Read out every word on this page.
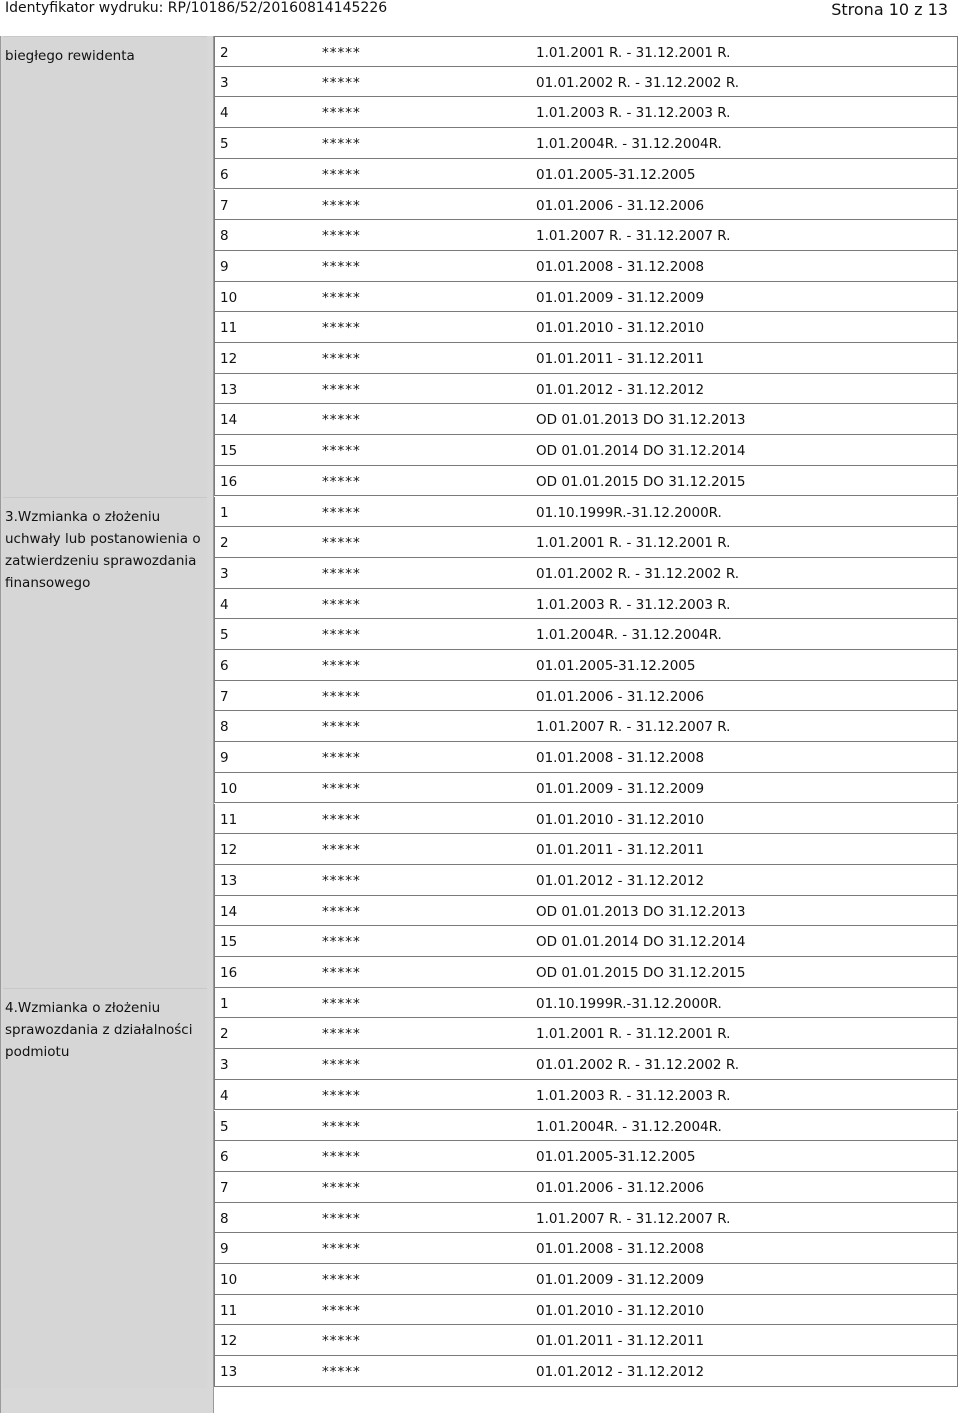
Identyfikator wydruku: RP/10186/52/20160814145226	Strona 10 z 13
biegłego rewidenta	2	*****	1.01.2001 R. - 31.12.2001 R.
3	*****	01.01.2002 R. - 31.12.2002 R.
4	*****	1.01.2003 R. - 31.12.2003 R.
5	*****	1.01.2004R. - 31.12.2004R.
6	*****	01.01.2005-31.12.2005
7	*****	01.01.2006 - 31.12.2006
8	*****	1.01.2007 R. - 31.12.2007 R.
9	*****	01.01.2008 - 31.12.2008
10	*****	01.01.2009 - 31.12.2009
11	*****	01.01.2010 - 31.12.2010
12	*****	01.01.2011 - 31.12.2011
13	*****	01.01.2012 - 31.12.2012
14	*****	OD 01.01.2013 DO 31.12.2013
15	*****	OD 01.01.2014 DO 31.12.2014
16	*****	OD 01.01.2015 DO 31.12.2015
3.Wzmianka o złożeniu uchwały lub postanowienia o zatwierdzeniu sprawozdania finansowego
1	*****	01.10.1999R.-31.12.2000R.
2	*****	1.01.2001 R. - 31.12.2001 R.
3	*****	01.01.2002 R. - 31.12.2002 R.
4	*****	1.01.2003 R. - 31.12.2003 R.
5	*****	1.01.2004R. - 31.12.2004R.
6	*****	01.01.2005-31.12.2005
7	*****	01.01.2006 - 31.12.2006
8	*****	1.01.2007 R. - 31.12.2007 R.
9	*****	01.01.2008 - 31.12.2008
10	*****	01.01.2009 - 31.12.2009
11	*****	01.01.2010 - 31.12.2010
12	*****	01.01.2011 - 31.12.2011
13	*****	01.01.2012 - 31.12.2012
14	*****	OD 01.01.2013 DO 31.12.2013
15	*****	OD 01.01.2014 DO 31.12.2014
16	*****	OD 01.01.2015 DO 31.12.2015
4.Wzmianka o złożeniu sprawozdania z działalności podmiotu
1	*****	01.10.1999R.-31.12.2000R.
2	*****	1.01.2001 R. - 31.12.2001 R.
3	*****	01.01.2002 R. - 31.12.2002 R.
4	*****	1.01.2003 R. - 31.12.2003 R.
5	*****	1.01.2004R. - 31.12.2004R.
6	*****	01.01.2005-31.12.2005
7	*****	01.01.2006 - 31.12.2006
8	*****	1.01.2007 R. - 31.12.2007 R.
9	*****	01.01.2008 - 31.12.2008
10	*****	01.01.2009 - 31.12.2009
11	*****	01.01.2010 - 31.12.2010
12	*****	01.01.2011 - 31.12.2011
13	*****	01.01.2012 - 31.12.2012
